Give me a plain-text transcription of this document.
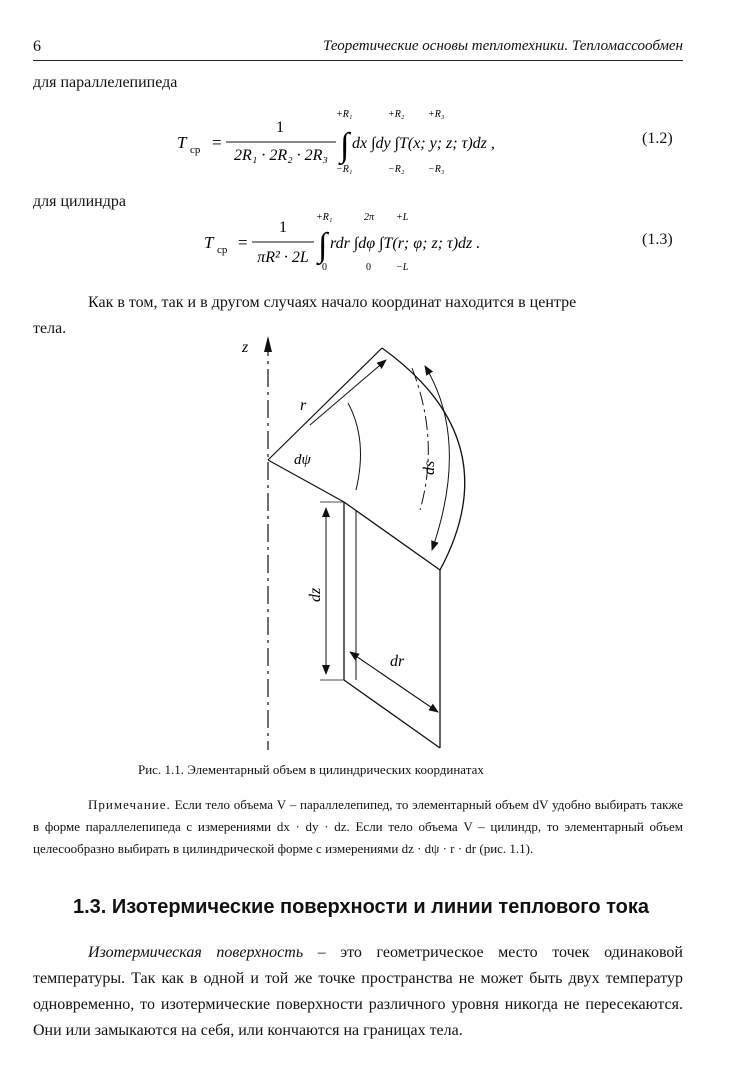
6	Теоретические основы теплотехники. Тепломассообмен
для параллелепипеда
T ср =
1
2R₁ · 2R₂ · 2R₃ ∫
+R₁
−R₁
dx ∫dy ∫T(x; y; z; τ)dz ,
+R₂
−R₂
+R₃
−R₃
(1.2)
для цилиндра
T ср =
1
πR² · 2L ∫
+R₁
0
rdr ∫dφ ∫T(r; φ; z; τ)dz .
2π
0
+L
−L
(1.3)
Как в том, так и в другом случаях начало координат находится в центре
тела.
z
r
dψ	ds
dz
dr
Рис. 1.1. Элементарный объем в цилиндрических координатах
Примечание. Если тело объема V – параллелепипед, то элементарный объем dV удобно выбирать также в форме параллелепипеда с измерениями dx · dy · dz. Если тело объема V – цилиндр, то элементарный объем целесообразно выбирать в цилиндрической форме с измерениями dz · dψ · r · dr (рис. 1.1).
1.3. Изотермические поверхности и линии теплового тока
Изотермическая поверхность – это геометрическое место точек одинаковой температуры. Так как в одной и той же точке пространства не может быть двух температур одновременно, то изотермические поверхности различного уровня никогда не пересекаются. Они или замыкаются на себя, или кончаются на границах тела.
